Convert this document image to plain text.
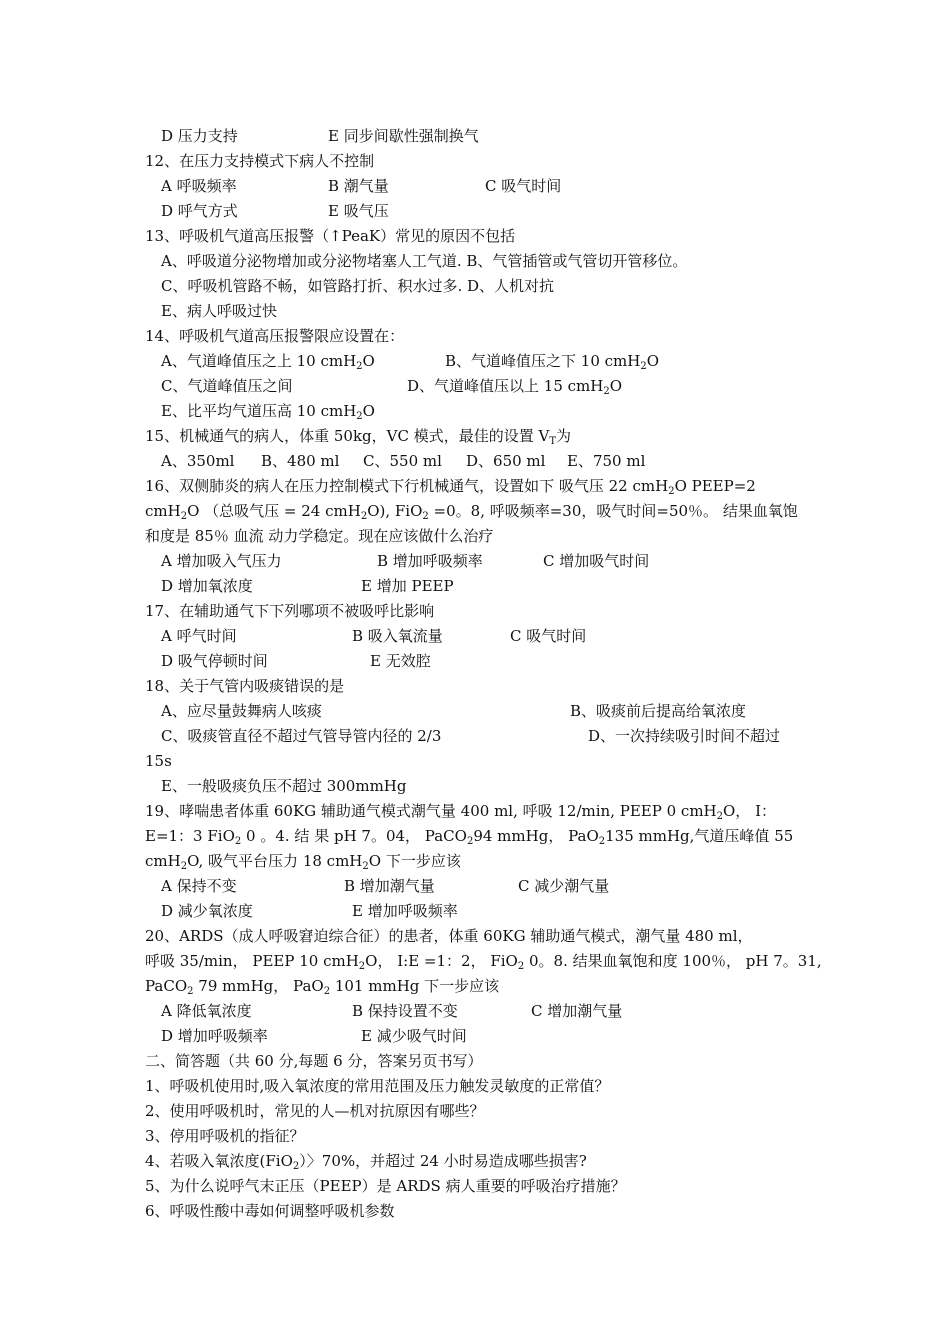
D 压力支持	E 同步间歇性强制换气
12、在压力支持模式下病人不控制
A 呼吸频率	B 潮气量	C 吸气时间
D 呼气方式	E 吸气压
13、呼吸机气道高压报警（↑PeaK）常见的原因不包括
A、呼吸道分泌物增加或分泌物堵塞人工气道. B、气管插管或气管切开管移位。
C、呼吸机管路不畅，如管路打折、积水过多. D、人机对抗
E、病人呼吸过快
14、呼吸机气道高压报警限应设置在：
A、气道峰值压之上 10 cmH$_2$O	B、气道峰值压之下 10 cmH$_2$O
C、气道峰值压之间	D、气道峰值压以上 15 cmH$_2$O
E、比平均气道压高 10 cmH$_2$O
15、机械通气的病人，体重 50kg，VC 模式，最佳的设置 $V_T$为
A、350ml B、480 ml C、550 ml D、650 ml E、750 ml
16、双侧肺炎的病人在压力控制模式下行机械通气，设置如下 吸气压 22 cmH$_2$O PEEP=2
cmH$_2$O （总吸气压 = 24 cmH$_2$O), FiO$_2$ =0。8, 呼吸频率=30，吸气时间=50％。 结果血氧饱
和度是 85％ 血流 动力学稳定。现在应该做什么治疗
A 增加吸入气压力	B 增加呼吸频率	C 增加吸气时间
D 增加氧浓度	E 增加 PEEP
17、在辅助通气下下列哪项不被吸呼比影响
A 呼气时间	B 吸入氧流量	C 吸气时间
D 吸气停顿时间	E 无效腔
18、关于气管内吸痰错误的是
A、应尽量鼓舞病人咳痰	B、吸痰前后提高给氧浓度
C、吸痰管直径不超过气管导管内径的 2/3	D、一次持续吸引时间不超过
15s
E、一般吸痰负压不超过 300mmHg
19、哮喘患者体重 60KG 辅助通气模式潮气量 400 ml, 呼吸 12/min, PEEP 0 cmH$_2$O， I：
E=1：3 FiO$_2$ 0 。4. 结 果 pH 7。04， PaCO$_2$94 mmHg， PaO$_2$135 mmHg,气道压峰值 55
cmH$_2$O, 吸气平台压力 18 cmH$_2$O 下一步应该
A 保持不变	B 增加潮气量	C 减少潮气量
D 减少氧浓度	E 增加呼吸频率
20、ARDS（成人呼吸窘迫综合征）的患者，体重 60KG 辅助通气模式，潮气量 480 ml，
呼吸 35/min， PEEP 10 cmH$_2$O， I:E =1：2， FiO$_2$ 0。8. 结果血氧饱和度 100％， pH 7。31,
PaCO$_2$ 79 mmHg， PaO$_2$ 101 mmHg 下一步应该
A 降低氧浓度	B 保持设置不变	C 增加潮气量
D 增加呼吸频率	E 减少吸气时间
二、简答题（共 60 分,每题 6 分，答案另页书写）
1、呼吸机使用时,吸入氧浓度的常用范围及压力触发灵敏度的正常值？
2、使用呼吸机时，常见的人—机对抗原因有哪些？
3、停用呼吸机的指征？
4、若吸入氧浓度(FiO$_2$）〉70%，并超过 24 小时易造成哪些损害?
5、为什么说呼气末正压（PEEP）是 ARDS 病人重要的呼吸治疗措施？
6、呼吸性酸中毒如何调整呼吸机参数
